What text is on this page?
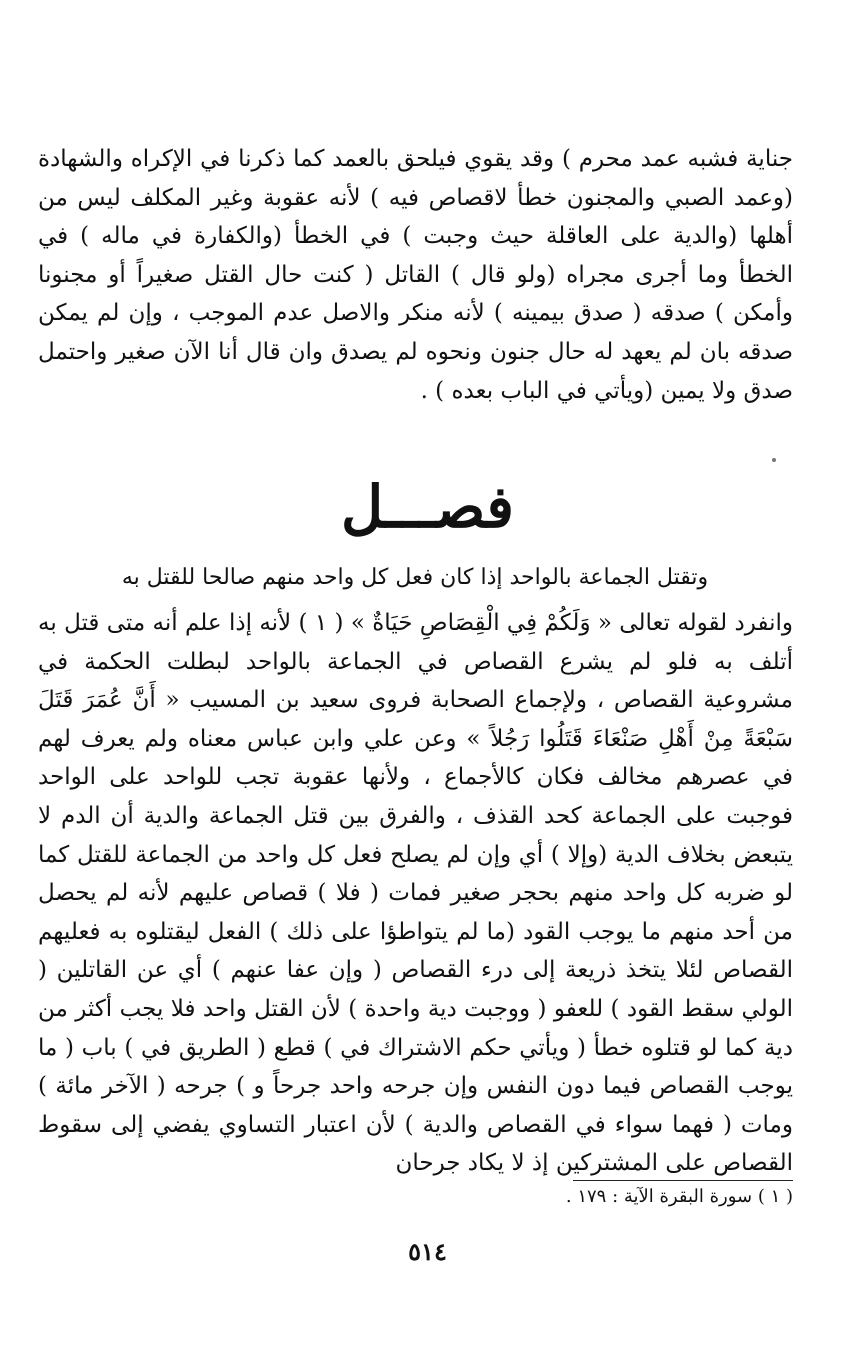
جناية فشبه عمد محرم ) وقد يقوي فيلحق بالعمد كما ذكرنا في الإكراه والشهادة (وعمد الصبي والمجنون خطأ لاقصاص فيه ) لأنه عقوبة وغير المكلف ليس من أهلها (والدية على العاقلة حيث وجبت ) في الخطأ (والكفارة في ماله ) في الخطأ وما أجرى مجراه (ولو قال ) القاتل ( كنت حال القتل صغيراً أو مجنونا وأمكن ) صدقه ( صدق بيمينه ) لأنه منكر والاصل عدم الموجب ، وإن لم يمكن صدقه بان لم يعهد له حال جنون ونحوه لم يصدق وان قال أنا الآن صغير واحتمل صدق ولا يمين (ويأتي في الباب بعده ) .
فصـــل
وتقتل الجماعة بالواحد إذا كان فعل كل واحد منهم صالحا للقتل به
وانفرد لقوله تعالى « وَلَكُمْ فِي الْقِصَاصِ حَيَاةٌ » ( ١ ) لأنه إذا علم أنه متى قتل به أتلف به فلو لم يشرع القصاص في الجماعة بالواحد لبطلت الحكمة في مشروعية القصاص ، ولإجماع الصحابة فروى سعيد بن المسيب « أَنَّ عُمَرَ قَتَلَ سَبْعَةً مِنْ أَهْلِ صَنْعَاءَ قَتَلُوا رَجُلاً » وعن علي وابن عباس معناه ولم يعرف لهم في عصرهم مخالف فكان كالأجماع ، ولأنها عقوبة تجب للواحد على الواحد فوجبت على الجماعة كحد القذف ، والفرق بين قتل الجماعة والدية أن الدم لا يتبعض بخلاف الدية (وإلا ) أي وإن لم يصلح فعل كل واحد من الجماعة للقتل كما لو ضربه كل واحد منهم بحجر صغير فمات ( فلا ) قصاص عليهم لأنه لم يحصل من أحد منهم ما يوجب القود (ما لم يتواطؤا على ذلك ) الفعل ليقتلوه به فعليهم القصاص لئلا يتخذ ذريعة إلى درء القصاص ( وإن عفا عنهم ) أي عن القاتلين ( الولي سقط القود ) للعفو ( ووجبت دية واحدة ) لأن القتل واحد فلا يجب أكثر من دية كما لو قتلوه خطأ ( ويأتي حكم الاشتراك في ) قطع ( الطريق في ) باب ( ما يوجب القصاص فيما دون النفس وإن جرحه واحد جرحاً و ) جرحه ( الآخر مائة ) ومات ( فهما سواء في القصاص والدية ) لأن اعتبار التساوي يفضي إلى سقوط القصاص على المشتركين إذ لا يكاد جرحان
( ١ ) سورة البقرة الآية : ١٧٩ .
٥١٤
